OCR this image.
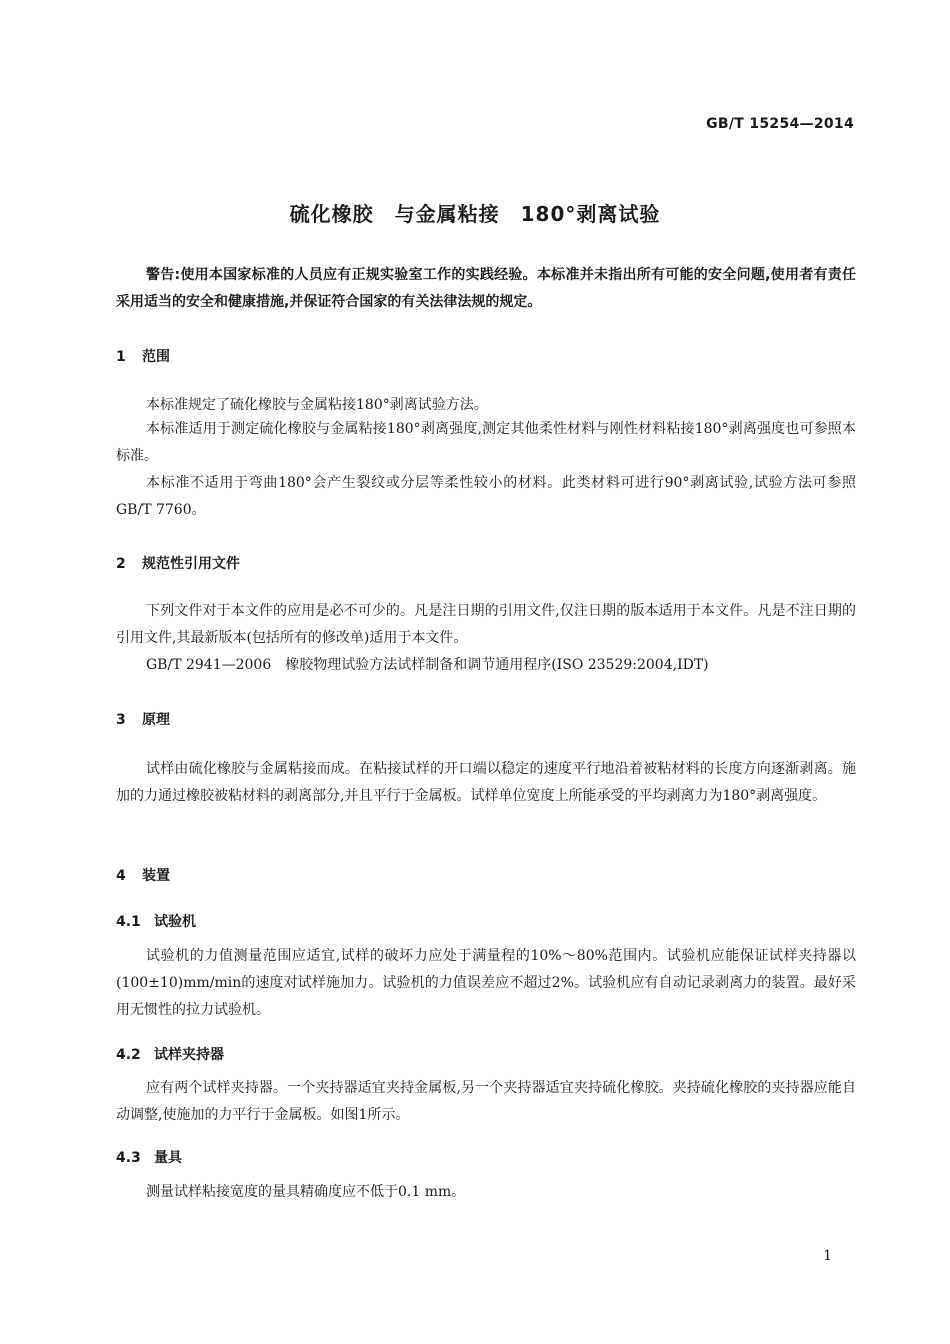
GB/T 15254—2014
硫化橡胶　与金属粘接　180°剥离试验
警告:使用本国家标准的人员应有正规实验室工作的实践经验。本标准并未指出所有可能的安全问题,使用者有责任采用适当的安全和健康措施,并保证符合国家的有关法律法规的规定。
1 范围
本标准规定了硫化橡胶与金属粘接180°剥离试验方法。
本标准适用于测定硫化橡胶与金属粘接180°剥离强度,测定其他柔性材料与刚性材料粘接180°剥离强度也可参照本标准。
本标准不适用于弯曲180°会产生裂纹或分层等柔性较小的材料。此类材料可进行90°剥离试验,试验方法可参照GB/T 7760。
2 规范性引用文件
下列文件对于本文件的应用是必不可少的。凡是注日期的引用文件,仅注日期的版本适用于本文件。凡是不注日期的引用文件,其最新版本(包括所有的修改单)适用于本文件。
GB/T 2941—2006　橡胶物理试验方法试样制备和调节通用程序(ISO 23529:2004,IDT)
3 原理
试样由硫化橡胶与金属粘接而成。在粘接试样的开口端以稳定的速度平行地沿着被粘材料的长度方向逐渐剥离。施加的力通过橡胶被粘材料的剥离部分,并且平行于金属板。试样单位宽度上所能承受的平均剥离力为180°剥离强度。
4 装置
4.1 试验机
试验机的力值测量范围应适宜,试样的破坏力应处于满量程的10%～80%范围内。试验机应能保证试样夹持器以(100±10)mm/min的速度对试样施加力。试验机的力值误差应不超过2%。试验机应有自动记录剥离力的装置。最好采用无惯性的拉力试验机。
4.2 试样夹持器
应有两个试样夹持器。一个夹持器适宜夹持金属板,另一个夹持器适宜夹持硫化橡胶。夹持硫化橡胶的夹持器应能自动调整,使施加的力平行于金属板。如图1所示。
4.3 量具
测量试样粘接宽度的量具精确度应不低于0.1 mm。
1
